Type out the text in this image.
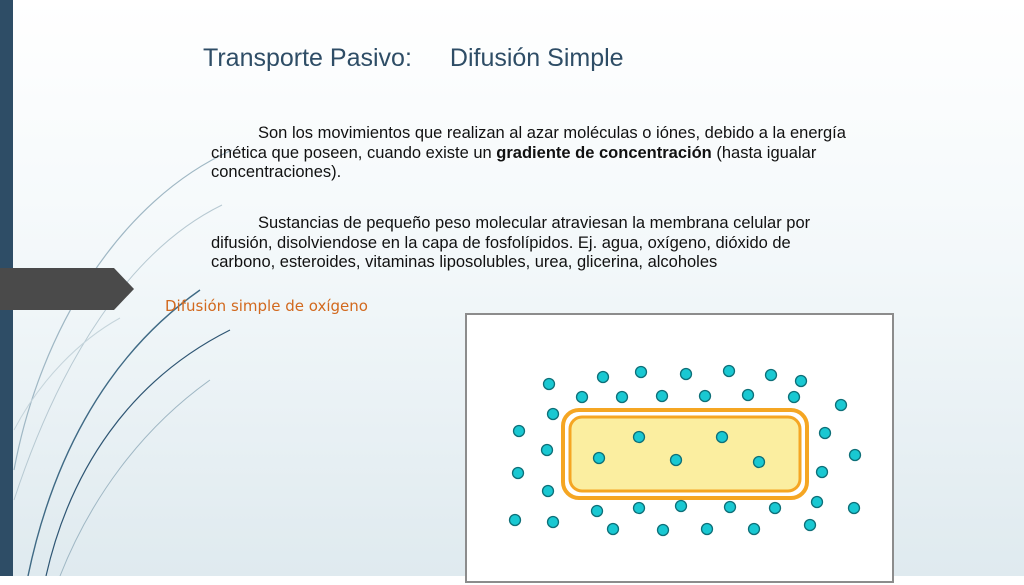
Transporte Pasivo: Difusión Simple

Son los movimientos que realizan al azar moléculas o iónes, debido a la energía cinética que poseen, cuando existe un gradiente de concentración (hasta igualar concentraciones).

Sustancias de pequeño peso molecular atraviesan la membrana celular por difusión, disolviendose en la capa de fosfolípidos. Ej. agua, oxígeno, dióxido de carbono, esteroides, vitaminas liposolubles, urea, glicerina, alcoholes

Difusión simple de oxígeno
